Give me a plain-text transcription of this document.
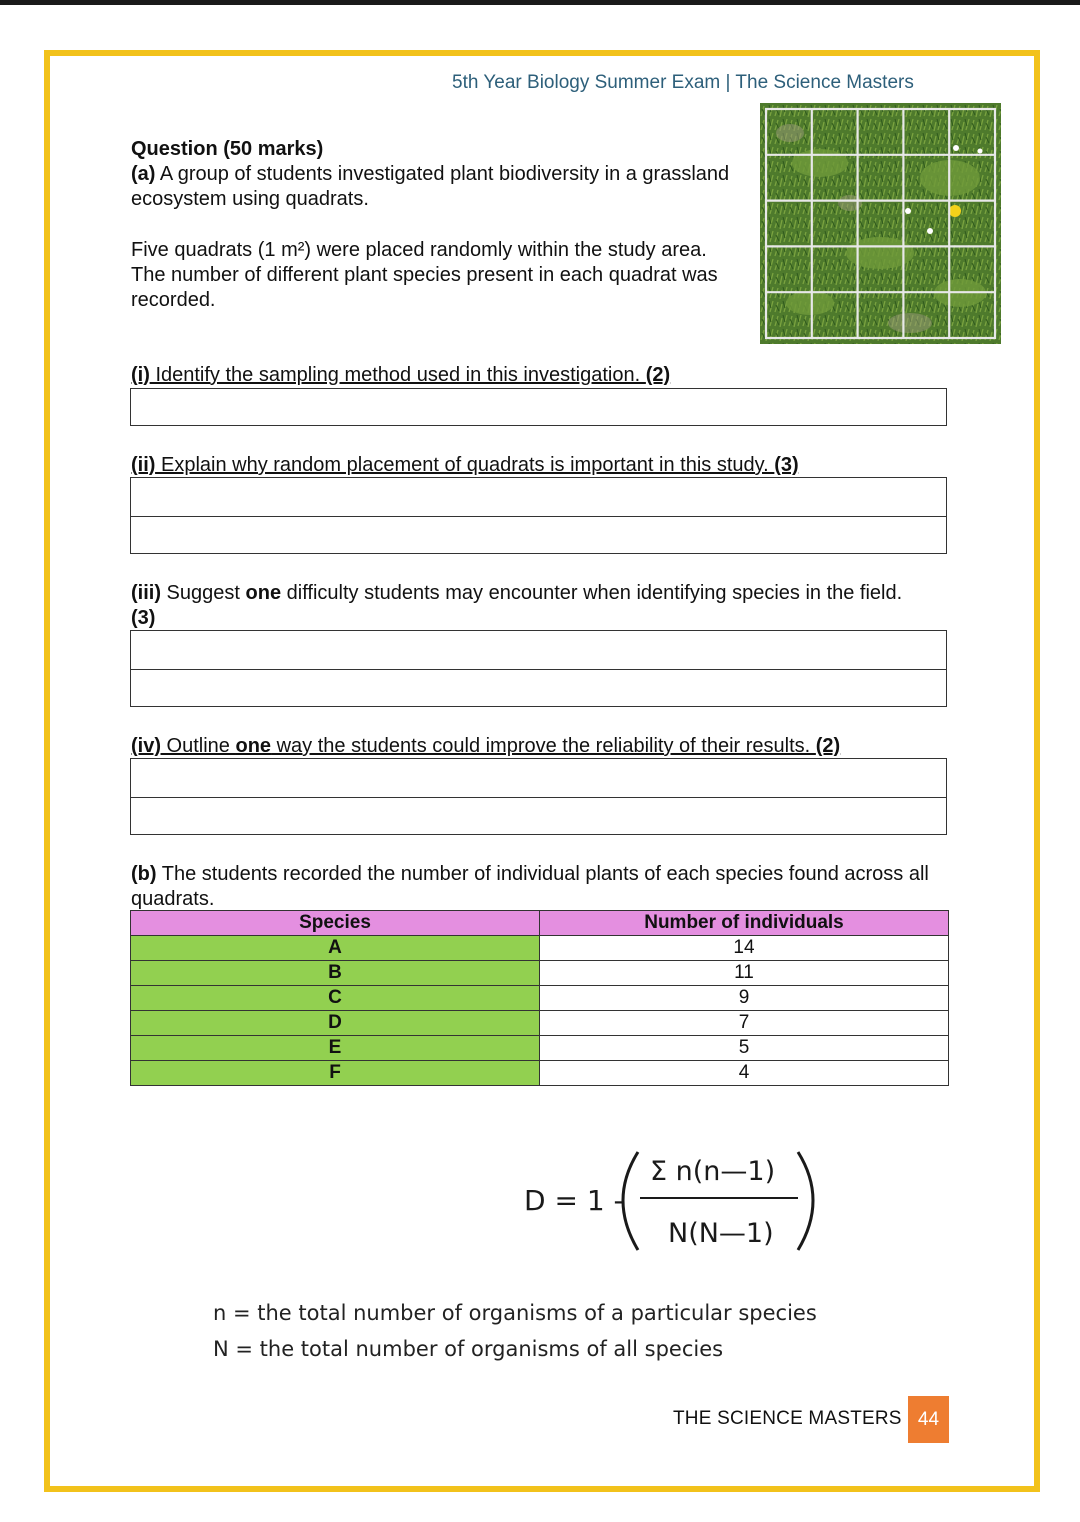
5th Year Biology Summer Exam | The Science Masters
Question (50 marks)
(a) A group of students investigated plant biodiversity in a grassland ecosystem using quadrats.
Five quadrats (1 m²) were placed randomly within the study area. The number of different plant species present in each quadrat was recorded.
(i) Identify the sampling method used in this investigation. (2)
(ii) Explain why random placement of quadrats is important in this study. (3)
(iii) Suggest one difficulty students may encounter when identifying species in the field. (3)
(iv) Outline one way the students could improve the reliability of their results. (2)
(b) The students recorded the number of individual plants of each species found across all quadrats.
Species	Number of individuals
A	14
B	11
C	9
D	7
E	5
F	4
D = 1 -
Σ n(n—1)
N(N—1)
n = the total number of organisms of a particular species
N = the total number of organisms of all species
THE SCIENCE MASTERS 44
